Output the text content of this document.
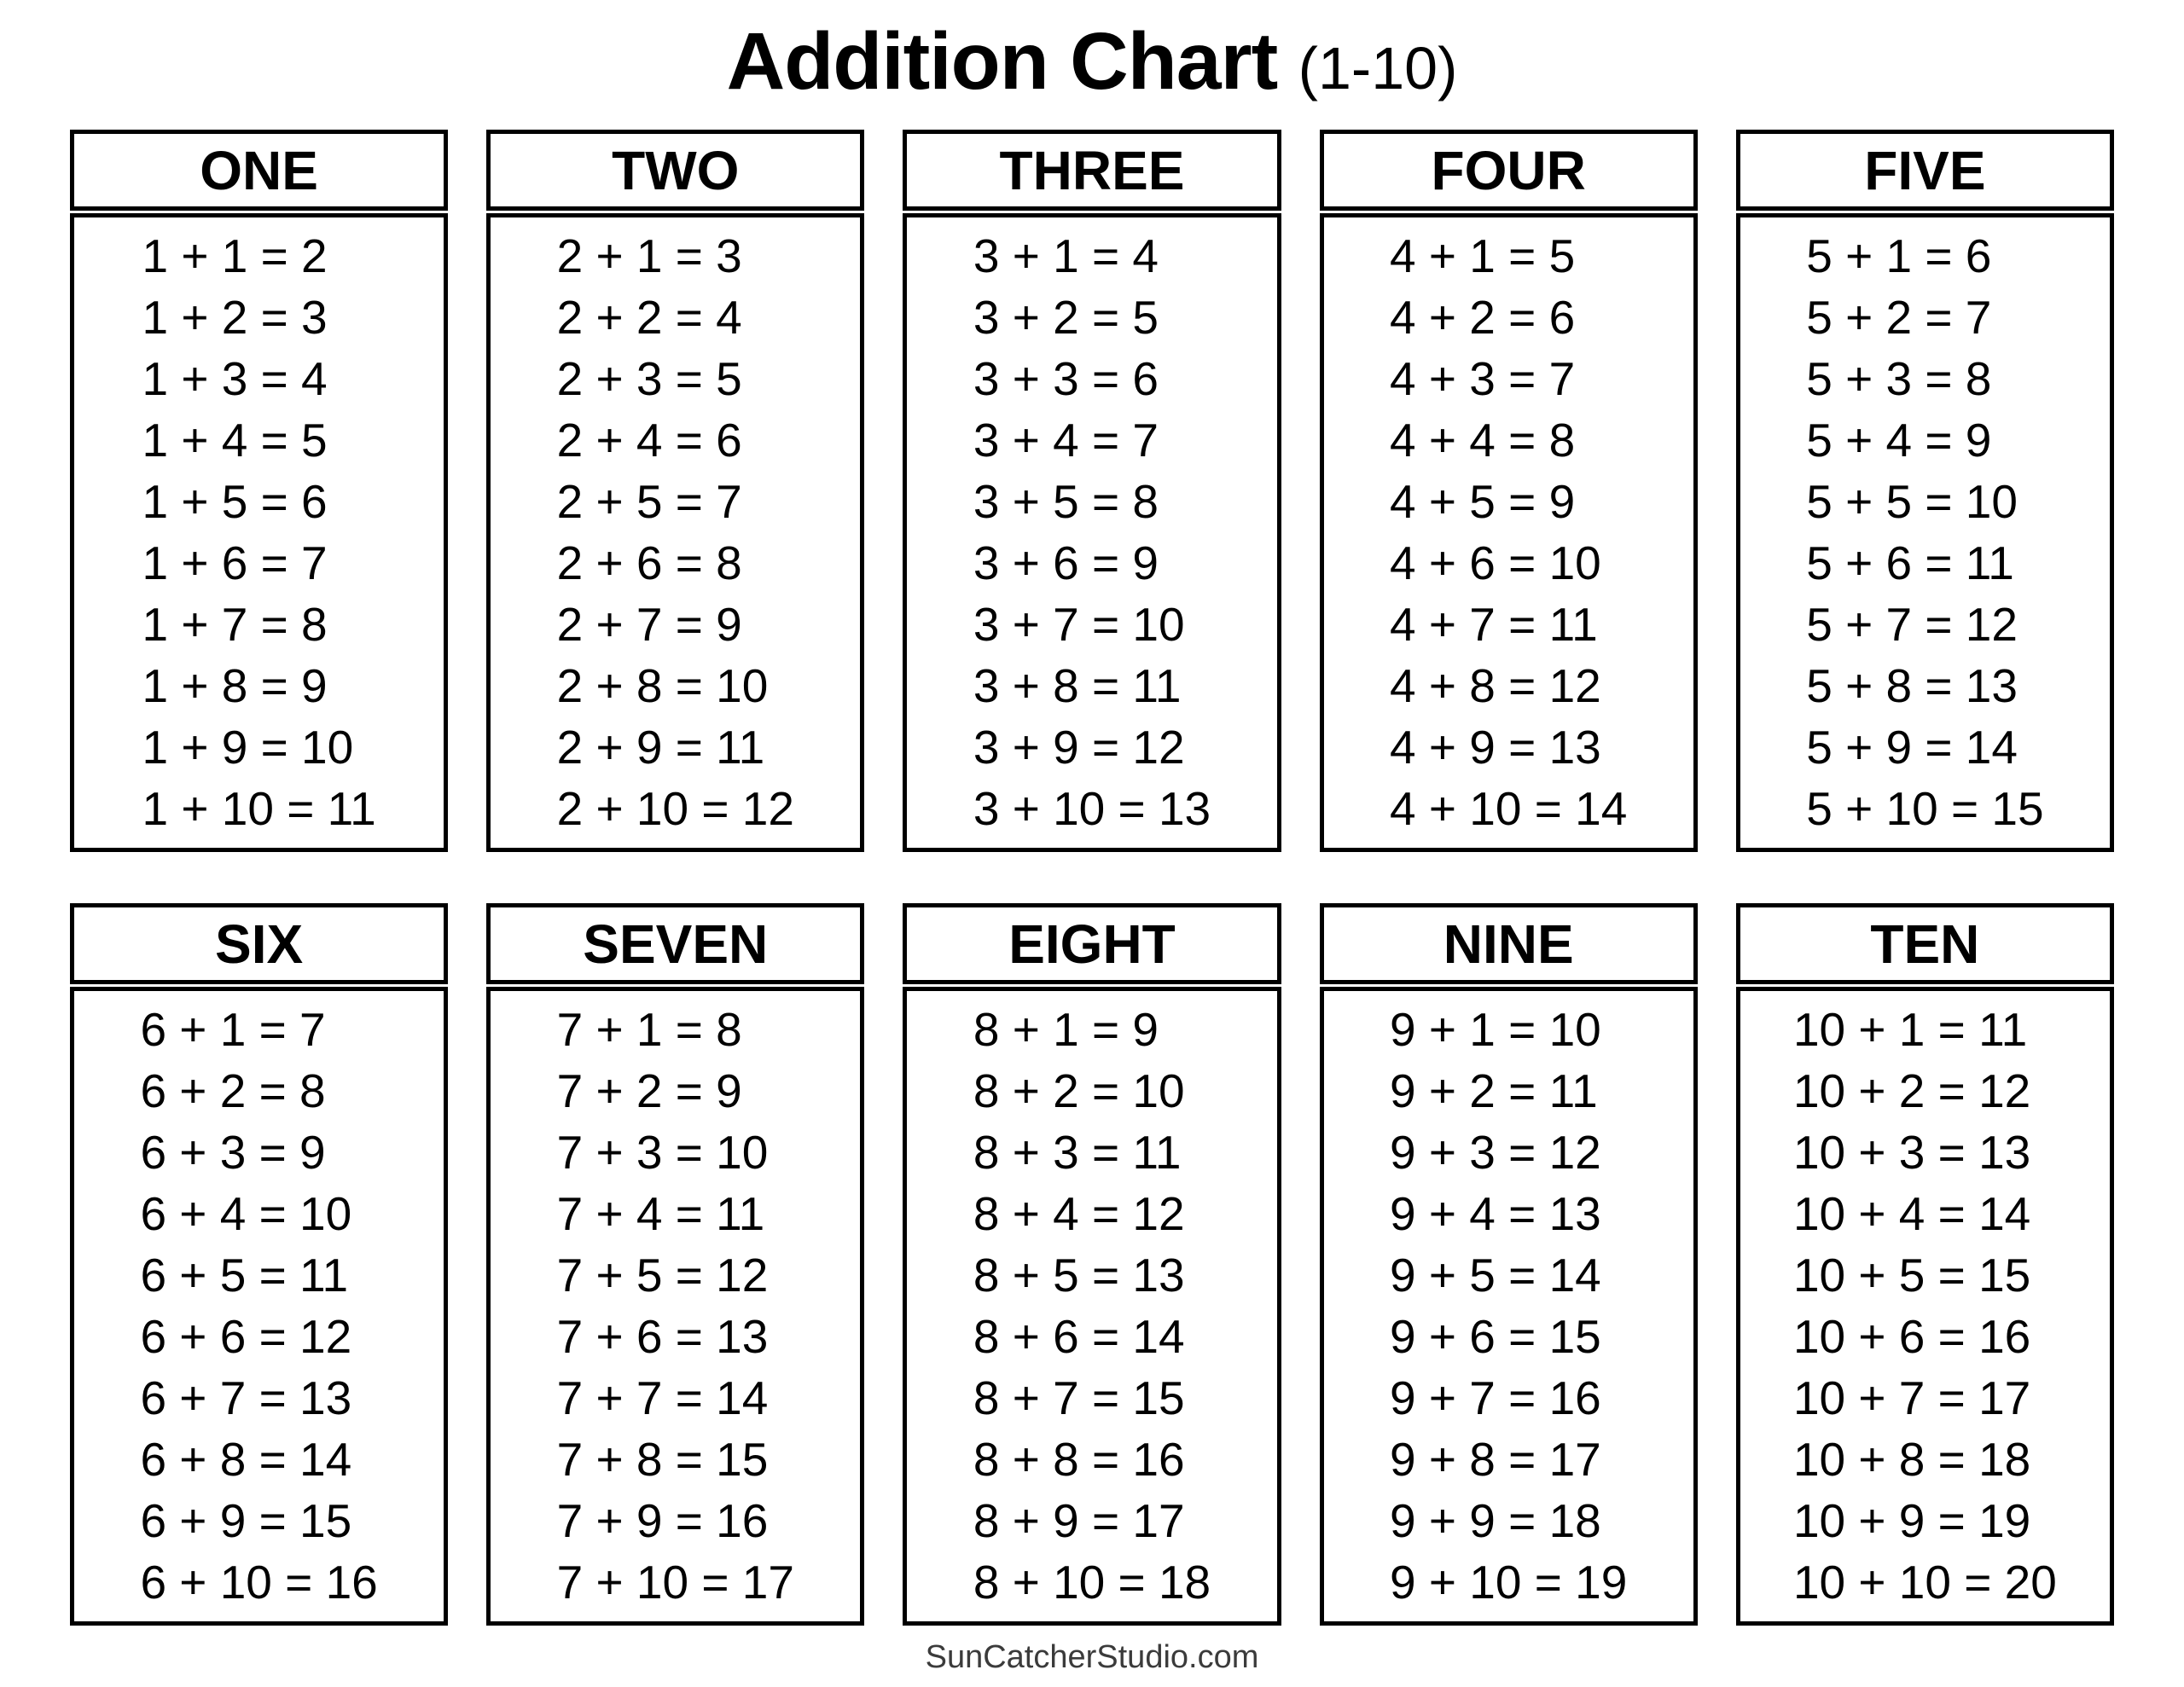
Addition Chart (1-10)
ONE
1 + 1 = 2
1 + 2 = 3
1 + 3 = 4
1 + 4 = 5
1 + 5 = 6
1 + 6 = 7
1 + 7 = 8
1 + 8 = 9
1 + 9 = 10
1 + 10 = 11
TWO
2 + 1 = 3
2 + 2 = 4
2 + 3 = 5
2 + 4 = 6
2 + 5 = 7
2 + 6 = 8
2 + 7 = 9
2 + 8 = 10
2 + 9 = 11
2 + 10 = 12
THREE
3 + 1 = 4
3 + 2 = 5
3 + 3 = 6
3 + 4 = 7
3 + 5 = 8
3 + 6 = 9
3 + 7 = 10
3 + 8 = 11
3 + 9 = 12
3 + 10 = 13
FOUR
4 + 1 = 5
4 + 2 = 6
4 + 3 = 7
4 + 4 = 8
4 + 5 = 9
4 + 6 = 10
4 + 7 = 11
4 + 8 = 12
4 + 9 = 13
4 + 10 = 14
FIVE
5 + 1 = 6
5 + 2 = 7
5 + 3 = 8
5 + 4 = 9
5 + 5 = 10
5 + 6 = 11
5 + 7 = 12
5 + 8 = 13
5 + 9 = 14
5 + 10 = 15
SIX
6 + 1 = 7
6 + 2 = 8
6 + 3 = 9
6 + 4 = 10
6 + 5 = 11
6 + 6 = 12
6 + 7 = 13
6 + 8 = 14
6 + 9 = 15
6 + 10 = 16
SEVEN
7 + 1 = 8
7 + 2 = 9
7 + 3 = 10
7 + 4 = 11
7 + 5 = 12
7 + 6 = 13
7 + 7 = 14
7 + 8 = 15
7 + 9 = 16
7 + 10 = 17
EIGHT
8 + 1 = 9
8 + 2 = 10
8 + 3 = 11
8 + 4 = 12
8 + 5 = 13
8 + 6 = 14
8 + 7 = 15
8 + 8 = 16
8 + 9 = 17
8 + 10 = 18
NINE
9 + 1 = 10
9 + 2 = 11
9 + 3 = 12
9 + 4 = 13
9 + 5 = 14
9 + 6 = 15
9 + 7 = 16
9 + 8 = 17
9 + 9 = 18
9 + 10 = 19
TEN
10 + 1 = 11
10 + 2 = 12
10 + 3 = 13
10 + 4 = 14
10 + 5 = 15
10 + 6 = 16
10 + 7 = 17
10 + 8 = 18
10 + 9 = 19
10 + 10 = 20
SunCatcherStudio.com
